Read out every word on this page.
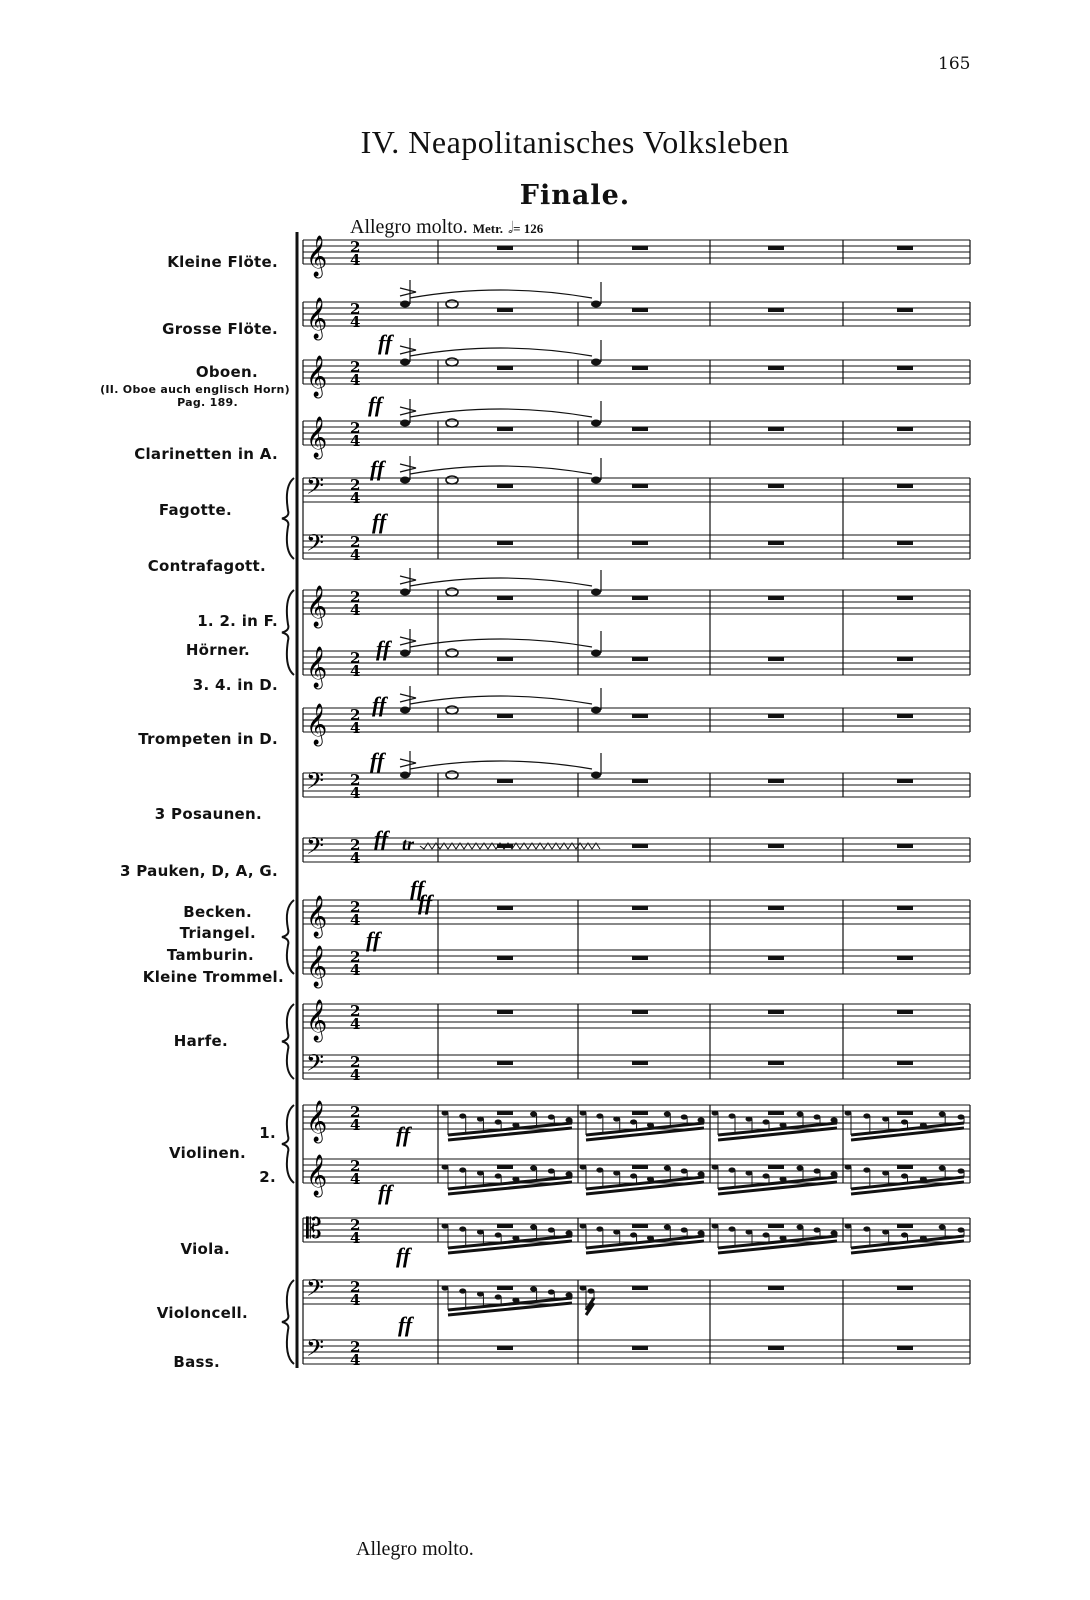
165
IV. Neapolitanisches Volksleben
Finale.
Allegro molto. Metr. 𝅗𝅥= 126
Kleine Flöte.
Grosse Flöte.
Oboen.
(II. Oboe auch englisch Horn)
Pag. 189.
Clarinetten in A.
Fagotte.
Contrafagott.
1. 2. in F.
Hörner.
3. 4. in D.
Trompeten in D.
3 Posaunen.
3 Pauken, D, A, G.
Becken.
Triangel.
Tamburin.
Kleine Trommel.
Harfe.
1.
Violinen.
2.
Viola.
Violoncell.
Bass.
Allegro molto.
𝄞 2
4
𝄞 2
4
𝄞 2
4
𝄞 2
4
𝄢 2
4
𝄢 2
4
𝄞 2
4
𝄞 2
4
𝄞 2
4
𝄢 2
4
𝄢 2
4
𝄞 2
4
𝄞 2
4
𝄞 2
4
𝄢 2
4
𝄞 2
4
𝄞 2
4
𝄡 2
4
𝄢 2
4
𝄢 2
4
ff
ff
ff
ff
ff
ff
ff
ff
ff
ff
ff
ff
ff
ff
ff
tr
